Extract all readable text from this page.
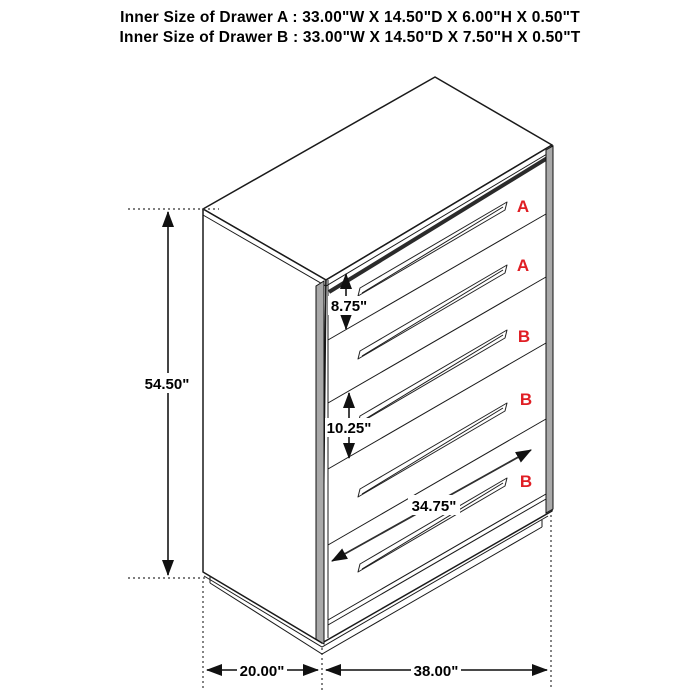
Inner Size of Drawer A : 33.00"W X 14.50"D X 6.00"H X 0.50"T
Inner Size of Drawer B : 33.00"W X 14.50"D X 7.50"H X 0.50"T
54.50"
8.75"
10.25"
34.75"
20.00"	38.00"
A
A
B
B
B
